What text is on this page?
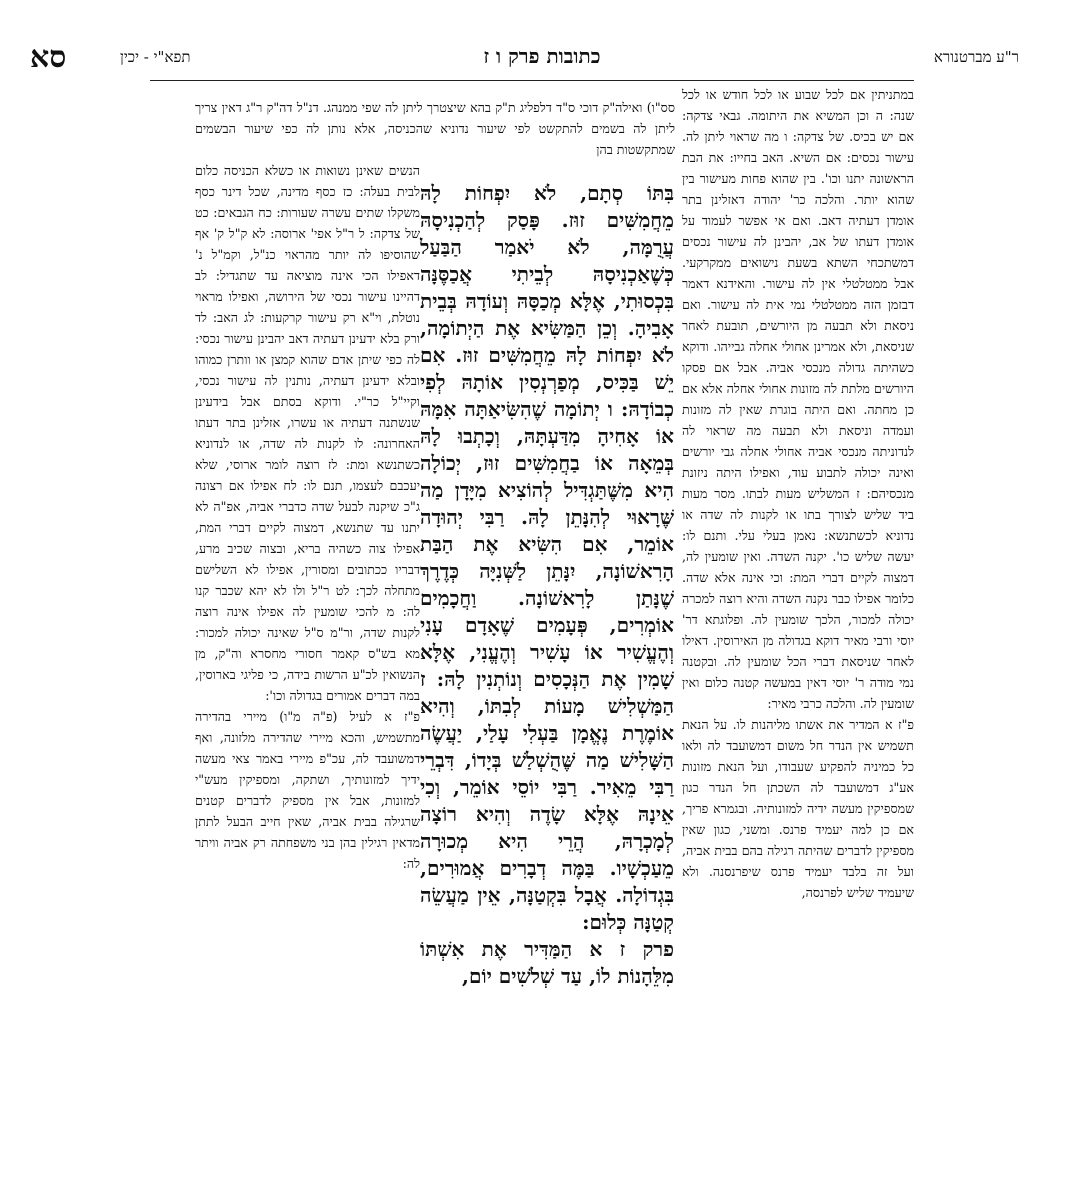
סא	תפא"י - יכין	כתובות פרק ו ז	ר"ע מברטנורא

סס"ו) ואילה"ק דוכי ס"ד דלפליג ת"ק בהא שיצטרך ליתן לה שפי ממנהג. דנ"ל דה"ק ר"ג דאין צריך ליתן לה בשמים להתקשט לפי שיעור נדוניא שהכניסה, אלא נותן לה כפי שיעור הבשמים שמתקשטות בהן

במתניתין אם לכל שבוע או לכל חודש או לכל שנה: ה וכן המשיא את היתומה. גבאי צדקה: אם יש בכיס. של צדקה: ו מה שראוי ליתן לה. עישור נכסים: אם השיא. האב בחייו: את הבת הראשונה יתנו וכו'. בין שהוא פחות מעישור בין שהוא יותר. והלכה כר' יהודה דאזלינן בתר אומדן דעתיה דאב. ואם אי אפשר לעמוד על אומדן דעתו של אב, יהבינן לה עישור נכסים דמשתכחי השתא בשעת נישואים ממקרקעי. אבל ממטלטלי אין לה עישור. והאידנא דאמר דבזמן הזה ממטלטלי נמי אית לה עישור. ואם ניסאת ולא תבעה מן היורשים, תובעת לאחר שניסאת, ולא אמרינן אחולי אחלה גבייהו. ודוקא כשהיתה גדולה מנכסי אביה. אבל אם פסקו היורשים מלתת לה מזונות אחולי אחלה אלא אם כן מחתה. ואם היתה בוגרת שאין לה מזונות ועמדה וניסאת ולא תבעה מה שראוי לה לנדוניתה מנכסי אביה אחולי אחלה גבי יורשים ואינה יכולה לתבוע עוד, ואפילו היתה ניזונת מנכסיהם: ז המשליש מעות לבתו. מסר מעות ביד שליש לצורך בתו או לקנות לה שדה או נדוניא לכשתנשא: נאמן בעלי עלי. ותנם לו: יעשה שליש כו'. יקנה השדה. ואין שומעין לה, דמצוה לקיים דברי המת: וכי אינה אלא שדה. כלומר אפילו כבר נקנה השדה והיא רוצה למכרה יכולה למכור, הלכך שומעין לה. ופלוגתא דר' יוסי ורבי מאיר דוקא בגדולה מן האירוסין. דאילו לאחר שניסאת דברי הכל שומעין לה. ובקטנה נמי מודה ר' יוסי דאין במעשה קטנה כלום ואין שומעין לה. והלכה כרבי מאיר:

פ"ז א המדיר את אשתו מליהנות לו. על הנאת תשמיש אין הנדר חל משום דמשועבד לה ולאו כל כמיניה להפקיע שעבודו, ועל הנאת מזונות אע"ג דמשועבד לה השכתן חל הנדר כגון שמספיקין מעשה ידיה למזונותיה. ובגמרא פריך, אם כן למה יעמיד פרנס. ומשני, כגון שאין מספיקין לדברים שהיתה רגילה בהם בבית אביה, ועל זה בלבד יעמיד פרנס שיפרנסנה. ולא שיעמיד שליש לפרנסה,

בִּתּוֹ סְתָם, לֹא יִפְחוֹת לָהּ מֵחֲמִשִּׁים זוּז. פָּסַק לְהַכְנִיסָהּ עֲרֻמָּה, לֹא יֹאמַר הַבַּעַל כְּשֶׁאַכְנִיסָהּ לְבֵיתִי אֲכַסֶּנָּה בִּכְסוּתִי, אֶלָּא מְכַסָּהּ וְעוֹדָהּ בְּבֵית אָבִיהָ. וְכֵן הַמַּשִּׂיא אֶת הַיְתוֹמָה, לֹא יִפְחוֹת לָהּ מֵחֲמִשִּׁים זוּז. אִם יֵשׁ בַּכִּיס, מְפַרְנְסִין אוֹתָהּ לְפִי כְבוֹדָהּ: ו יְתוֹמָה שֶׁהִשִּׂיאַתָּה אִמָּהּ אוֹ אָחִיהָ מִדַּעְתָּהּ, וְכָתְבוּ לָהּ בְּמֵאָה אוֹ בַחֲמִשִּׁים זוּז, יְכוֹלָה הִיא מִשֶּׁתַּגְדִּיל לְהוֹצִיא מִיָּדָן מַה שֶּׁרָאוּי לְהִנָּתֵן לָהּ. רַבִּי יְהוּדָה אוֹמֵר, אִם הִשִּׂיא אֶת הַבַּת הָרִאשׁוֹנָה, יִנָּתֵן לַשְּׁנִיָּה כְּדֶרֶךְ שֶׁנָּתַן לָרִאשׁוֹנָה. וַחֲכָמִים אוֹמְרִים, פְּעָמִים שֶׁאָדָם עָנִי וְהֶעֱשִׁיר אוֹ עָשִׁיר וְהֶעֱנִי, אֶלָּא שָׁמִין אֶת הַנְּכָסִים וְנוֹתְנִין לָהּ: ז הַמַּשְׁלִישׁ מָעוֹת לְבִתּוֹ, וְהִיא אוֹמֶרֶת נֶאֱמָן בַּעְלִי עָלַי, יַעֲשֶׂה הַשָּׁלִישׁ מַה שֶּׁהֻשְׁלַשׁ בְּיָדוֹ, דִּבְרֵי רַבִּי מֵאִיר. רַבִּי יוֹסֵי אוֹמֵר, וְכִי אֵינָהּ אֶלָּא שָׂדֶה וְהִיא רוֹצָה לְמָכְרָהּ, הֲרֵי הִיא מְכוּרָה מֵעַכְשָׁיו. בַּמֶּה דְבָרִים אֲמוּרִים, בִּגְדוֹלָה. אֲבָל בִּקְטַנָּה, אֵין מַעֲשֵׂה קְטַנָּה כְּלוּם:

פרק ז א הַמַּדִּיר אֶת אִשְׁתּוֹ מִלֵּהָנוֹת לוֹ, עַד שְׁלֹשִׁים יוֹם,

הנשים שאינן נשואות או כשלא הכניסה כלום לבית בעלה: כז כסף מדינה, שכל דינר כסף משקלו שתים עשרה שעורות: כח הגבאים: כט של צדקה: ל ר"ל אפי' ארוסה: לא ק"ל ק' אף שהוסיפו לה יותר מהראוי כנ"ל, וקמ"ל נ' דאפילו הכי אינה מוציאה עד שתגדיל: לב דהיינו עישור נכסי של הירושה, ואפילו מראוי נוטלת, וי"א רק עישור קרקעות: לג האב: לד ורק בלא ידעינן דעתיה דאב יהבינן עישור נכסי: לה כפי שיתן אדם שהוא קמצן או וותרן כמוהו ובלא ידעינן דעתיה, נותנין לה עישור נכסי, וקיי"ל כר"י. ודוקא בסתם אבל בידעינן שנשתנה דעתיה או עשרו, אזלינן בתר דעתו האחרונה: לו לקנות לה שדה, או לנדוניא כשתנשא ומת: לז רוצה לומר ארוסי, שלא יעכבם לעצמו, תנם לו: לח אפילו אם רצונה ג"כ שיקנה לבעל שדה כדברי אביה, אפ"ה לא יתנו עד שתנשא, דמצוה לקיים דברי המת, אפילו צוה כשהיה בריא, ובצוה שכיב מרע, דבריו ככתובים ומסורין, אפילו לא השלישם מתחלה לכך: לט ר"ל ולו לא יהא שכבר קנו לה: מ להכי שומעין לה אפילו אינה רוצה לקנות שדה, ור"מ ס"ל שאינה יכולה למכור: מא בש"ס קאמר חסורי מחסרא וה"ק, מן הנשואין לכ"ע הרשות בידה, כי פליגי בארוסין, במה דברים אמורים בגדולה וכו':

פ"ז א לעיל (פ"ה מ"ו) מיירי בהדירה מתשמיש, והכא מיירי שהדירה מלזונה, ואף דמשועבד לה, עכ"פ מיירי באמר צאי מעשה ידיך למזונותיך, ושתקה, ומספיקין מעש"י למזונות, אבל אין מספיק לדברים קטנים שרגילה בבית אביה, שאין חייב הבעל לתתן מדאין רגילין בהן בני משפחתה רק אביה וויתר לה:
